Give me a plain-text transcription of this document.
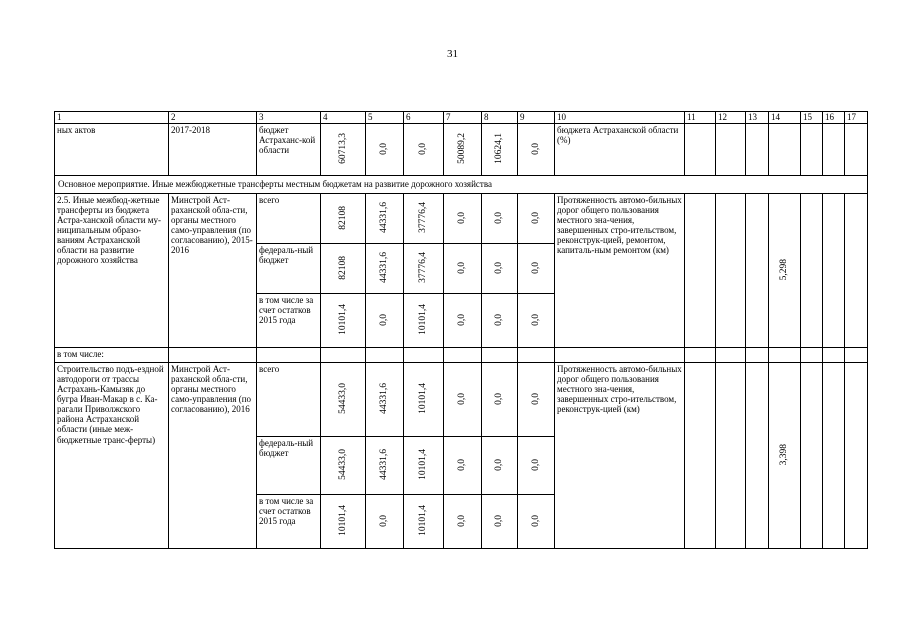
31
1	2	3	4	5	6	7	8	9	10	11	12	13	14	15	16	17
ных актов	2017-2018	бюджет Астраханс-кой области	60713,3	0,0	0,0	50089,2	10624,1	0,0	бюджета Астраханской области (%)							
Основное мероприятие. Иные межбюджетные трансферты местным бюджетам на развитие дорожного хозяйства																
2.5. Иные межбюд-жетные трансферты из бюджета Астра-ханской области му-ниципальным образо-ваниям Астраханской области на развитие дорожного хозяйства	Минстрой Аст-раханской обла-сти, органы местного само-управления (по согласованию), 2015-2016	всего	82108	44331,6	37776,4	0,0	0,0	0,0	Протяженность автомо-бильных дорог общего пользования местного зна-чения, завершенных стро-ительством, реконструк-цией, ремонтом, капиталь-ным ремонтом (км)				5,298			
		федераль-ный бюджет	82108	44331,6	37776,4	0,0	0,0	0,0								
		в том числе за счет остатков 2015 года	10101,4	0,0	10101,4	0,0	0,0	0,0								
в том числе:																
Строительство подъ-ездной автодороги от трассы Астрахань-Камызяк до бугра Иван-Макар в с. Ка-рагали Приволжского района Астраханской области (иные меж-бюджетные транс-ферты)	Минстрой Аст-раханской обла-сти, органы местного само-управления (по согласованию), 2016	всего	54433,0	44331,6	10101,4	0,0	0,0	0,0	Протяженность автомо-бильных дорог общего пользования местного зна-чения, завершенных стро-ительством, реконструк-цией (км)				3,398			
		федераль-ный бюджет	54433,0	44331,6	10101,4	0,0	0,0	0,0								
		в том числе за счет остатков 2015 года	10101,4	0,0	10101,4	0,0	0,0	0,0								
